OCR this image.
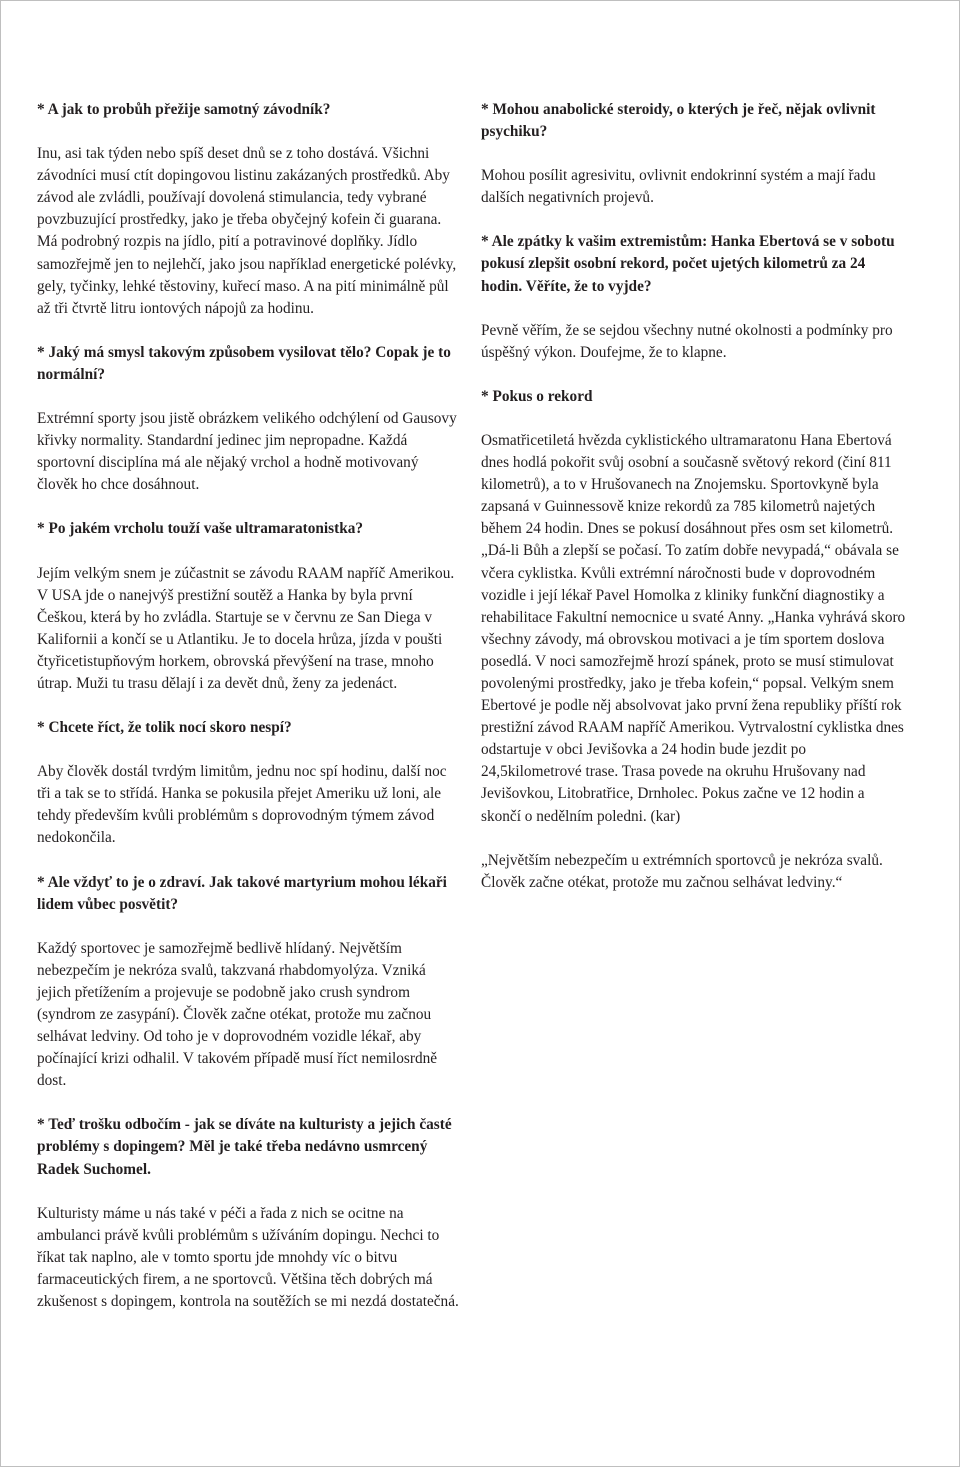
* A jak to probůh přežije samotný závodník?

Inu, asi tak týden nebo spíš deset dnů se z toho dostává. Všichni závodníci musí ctít dopingovou listinu zakázaných prostředků. Aby závod ale zvládli, používají dovolená stimulancia, tedy vybrané povzbuzující prostředky, jako je třeba obyčejný kofein či guarana. Má podrobný rozpis na jídlo, pití a potravinové doplňky. Jídlo samozřejmě jen to nejlehčí, jako jsou například energetické polévky, gely, tyčinky, lehké těstoviny, kuřecí maso. A na pití minimálně půl až tři čtvrtě litru iontových nápojů za hodinu.

* Jaký má smysl takovým způsobem vysilovat tělo? Copak je to normální?

Extrémní sporty jsou jistě obrázkem velikého odchýlení od Gausovy křivky normality. Standardní jedinec jim nepropadne. Každá sportovní disciplína má ale nějaký vrchol a hodně motivovaný člověk ho chce dosáhnout.

* Po jakém vrcholu touží vaše ultramaratonistka?

Jejím velkým snem je zúčastnit se závodu RAAM napříč Amerikou. V USA jde o nanejvýš prestižní soutěž a Hanka by byla první Češkou, která by ho zvládla. Startuje se v červnu ze San Diega v Kalifornii a končí se u Atlantiku. Je to docela hrůza, jízda v poušti čtyřicetistupňovým horkem, obrovská převýšení na trase, mnoho útrap. Muži tu trasu dělají i za devět dnů, ženy za jedenáct.

* Chcete říct, že tolik nocí skoro nespí?

Aby člověk dostál tvrdým limitům, jednu noc spí hodinu, další noc tři a tak se to střídá. Hanka se pokusila přejet Ameriku už loni, ale tehdy především kvůli problémům s doprovodným týmem závod nedokončila.

* Ale vždyť to je o zdraví. Jak takové martyrium mohou lékaři lidem vůbec posvětit?

Každý sportovec je samozřejmě bedlivě hlídaný. Největším nebezpečím je nekróza svalů, takzvaná rhabdomyolýza. Vzniká jejich přetížením a projevuje se podobně jako crush syndrom (syndrom ze zasypání). Člověk začne otékat, protože mu začnou selhávat ledviny. Od toho je v doprovodném vozidle lékař, aby počínající krizi odhalil. V takovém případě musí říct nemilosrdně dost.

* Teď trošku odbočím - jak se díváte na kulturisty a jejich časté problémy s dopingem? Měl je také třeba nedávno usmrcený Radek Suchomel.

Kulturisty máme u nás také v péči a řada z nich se ocitne na ambulanci právě kvůli problémům s užíváním dopingu. Nechci to říkat tak naplno, ale v tomto sportu jde mnohdy víc o bitvu farmaceutických firem, a ne sportovců. Většina těch dobrých má zkušenost s dopingem, kontrola na soutěžích se mi nezdá dostatečná.

* Mohou anabolické steroidy, o kterých je řeč, nějak ovlivnit psychiku?

Mohou posílit agresivitu, ovlivnit endokrinní systém a mají řadu dalších negativních projevů.

* Ale zpátky k vašim extremistům: Hanka Ebertová se v sobotu pokusí zlepšit osobní rekord, počet ujetých kilometrů za 24 hodin. Věříte, že to vyjde?

Pevně věřím, že se sejdou všechny nutné okolnosti a podmínky pro úspěšný výkon. Doufejme, že to klapne.

* Pokus o rekord

Osmatřicetiletá hvězda cyklistického ultramaratonu Hana Ebertová dnes hodlá pokořit svůj osobní a současně světový rekord (činí 811 kilometrů), a to v Hrušovanech na Znojemsku. Sportovkyně byla zapsaná v Guinnessově knize rekordů za 785 kilometrů najetých během 24 hodin. Dnes se pokusí dosáhnout přes osm set kilometrů. „Dá-li Bůh a zlepší se počasí. To zatím dobře nevypadá,“ obávala se včera cyklistka. Kvůli extrémní náročnosti bude v doprovodném vozidle i její lékař Pavel Homolka z kliniky funkční diagnostiky a rehabilitace Fakultní nemocnice u svaté Anny. „Hanka vyhrává skoro všechny závody, má obrovskou motivaci a je tím sportem doslova posedlá. V noci samozřejmě hrozí spánek, proto se musí stimulovat povolenými prostředky, jako je třeba kofein,“ popsal. Velkým snem Ebertové je podle něj absolvovat jako první žena republiky příští rok prestižní závod RAAM napříč Amerikou. Vytrvalostní cyklistka dnes odstartuje v obci Jevišovka a 24 hodin bude jezdit po 24,5kilometrové trase. Trasa povede na okruhu Hrušovany nad Jevišovkou, Litobratřice, Drnholec. Pokus začne ve 12 hodin a skončí o nedělním poledni. (kar)

„Největším nebezpečím u extrémních sportovců je nekróza svalů. Člověk začne otékat, protože mu začnou selhávat ledviny.“
